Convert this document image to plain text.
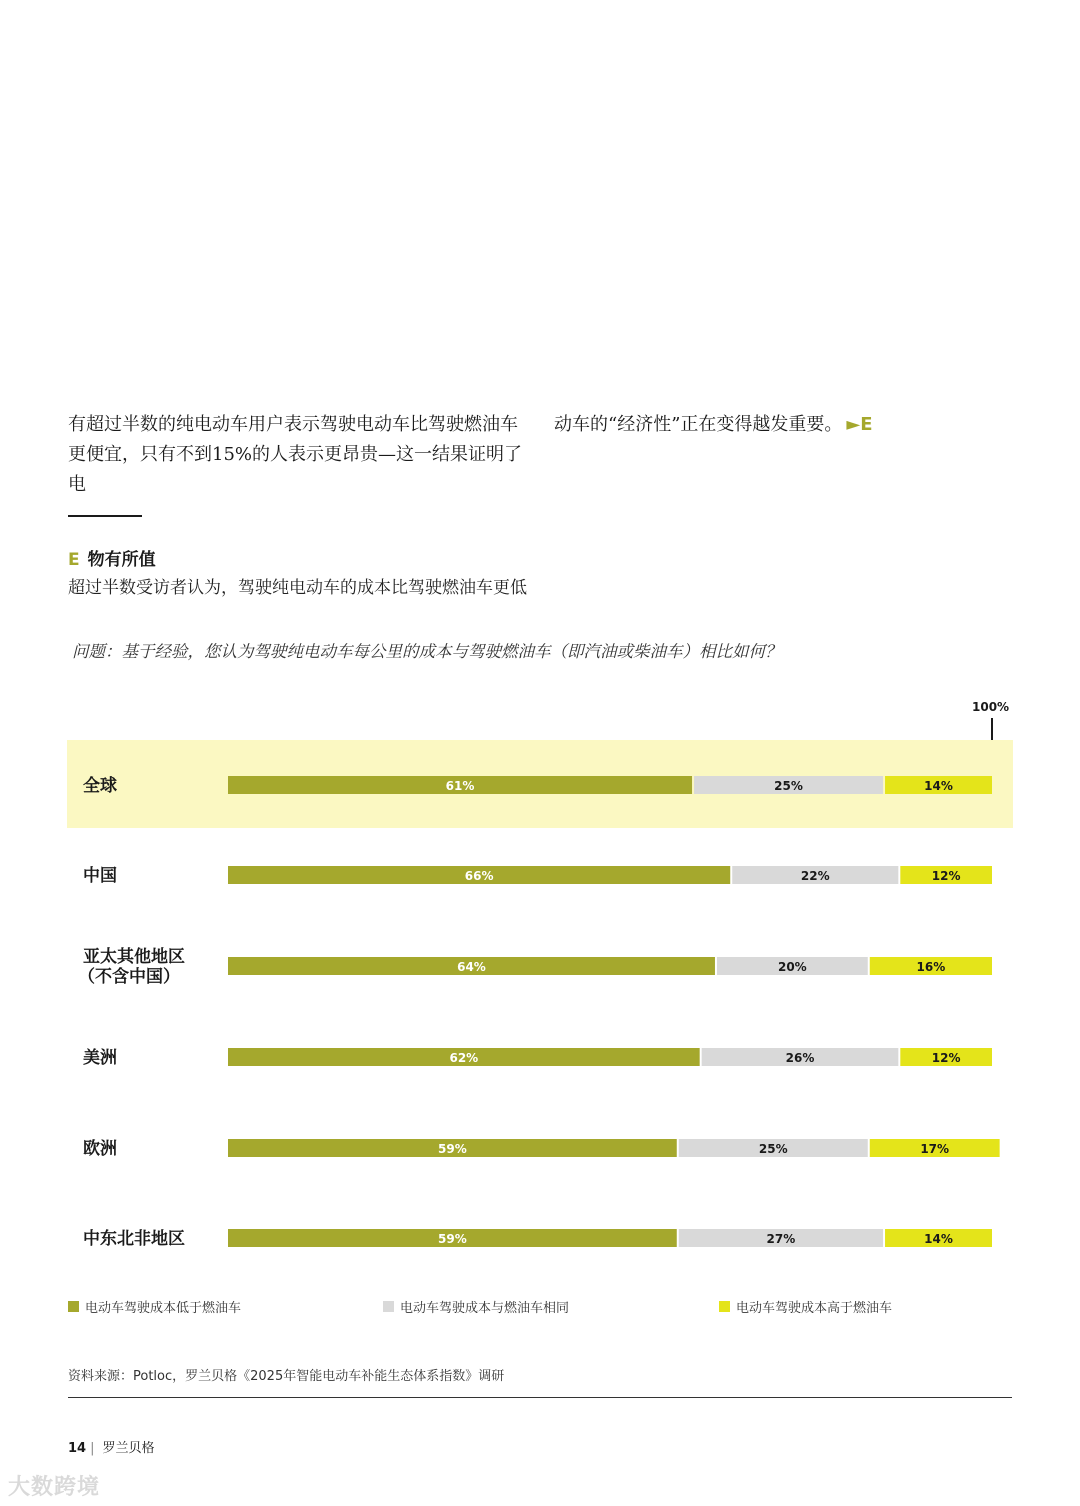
有超过半数的纯电动车用户表示驾驶电动车比驾驶燃油车
更便宜，只有不到15%的人表示更昂贵—这一结果证明了电
动车的“经济性”正在变得越发重要。 ►E
E 物有所值
超过半数受访者认为，驾驶纯电动车的成本比驾驶燃油车更低
问题：基于经验，您认为驾驶纯电动车每公里的成本与驾驶燃油车（即汽油或柴油车）相比如何？
100%
全球	61%	25%	14%
中国	66%	22%	12%
亚太其他地区（不含中国）	64%	20%	16%
美洲	62%	26%	12%
欧洲	59%	25%	17%
中东北非地区	59%	27%	14%
电动车驾驶成本低于燃油车	电动车驾驶成本与燃油车相同	电动车驾驶成本高于燃油车
资料来源：Potloc，罗兰贝格《2025年智能电动车补能生态体系指数》调研
14 | 罗兰贝格
大数跨境
